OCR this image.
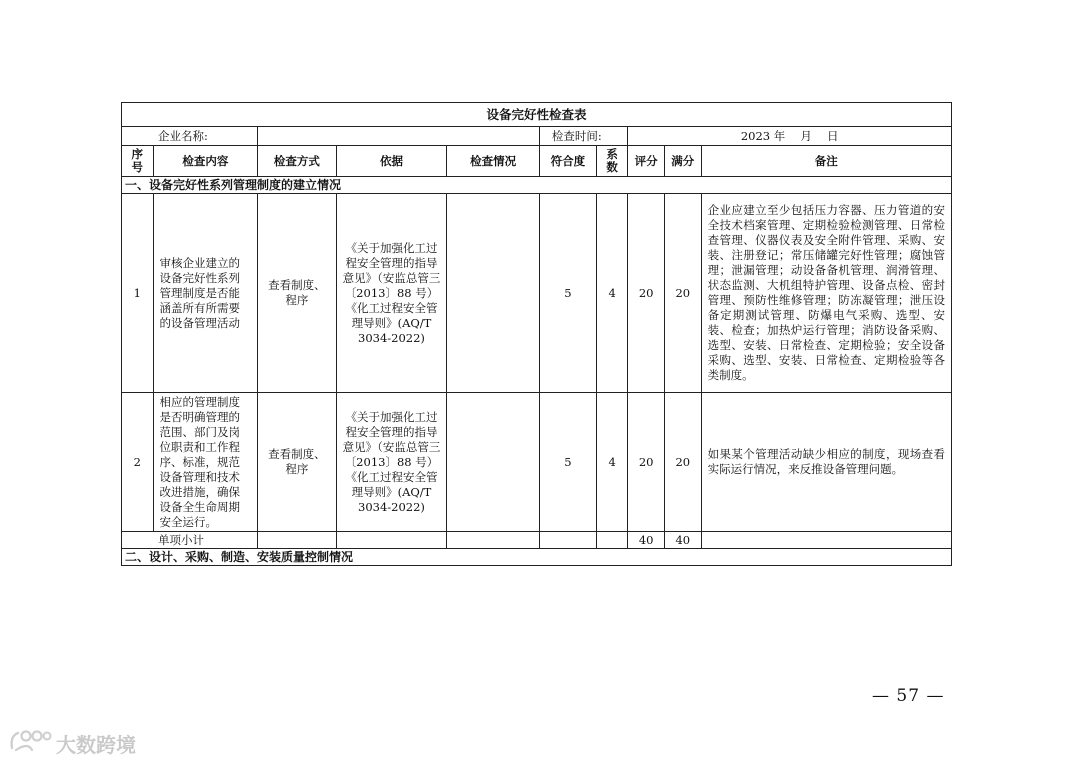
设备完好性检查表									
企业名称:					检查时间:		2023 年　 月　 日		
序号	检查内容	检查方式	依据	检查情况	符合度	系数	评分	满分	备注
一、设备完好性系列管理制度的建立情况									
1	审核企业建立的设备完好性系列管理制度是否能涵盖所有所需要的设备管理活动	查看制度、程序	《关于加强化工过程安全管理的指导意见》（安监总管三〔2013〕88 号）
《化工过程安全管理导则》(AQ/T 3034-2022)		5	4	20	20	企业应建立至少包括压力容器、压力管道的安全技术档案管理、定期检验检测管理、日常检查管理、仪器仪表及安全附件管理、采购、安装、注册登记；常压储罐完好性管理；腐蚀管理；泄漏管理；动设备备机管理、润滑管理、状态监测、大机组特护管理、设备点检、密封管理、预防性维修管理；防冻凝管理；泄压设备定期测试管理、防爆电气采购、选型、安装、检查；加热炉运行管理；消防设备采购、选型、安装、日常检查、定期检验；安全设备采购、选型、安装、日常检查、定期检验等各类制度。
2	相应的管理制度是否明确管理的范围、部门及岗位职责和工作程序、标准，规范设备管理和技术改进措施，确保设备全生命周期安全运行。	查看制度、程序	《关于加强化工过程安全管理的指导意见》（安监总管三〔2013〕88 号）
《化工过程安全管理导则》(AQ/T 3034-2022)		5	4	20	20	如果某个管理活动缺少相应的制度，现场查看实际运行情况，来反推设备管理问题。
单项小计							40	40	
二、设计、采购、制造、安装质量控制情况									
— 57 —
大数跨境
